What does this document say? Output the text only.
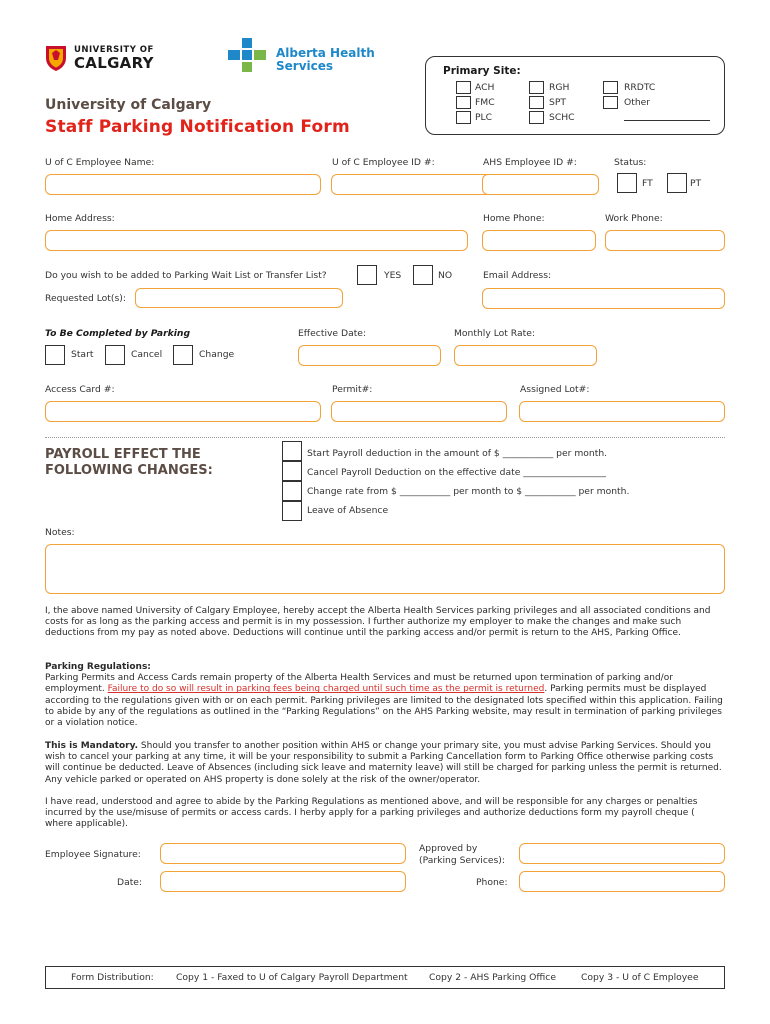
UNIVERSITY OF
CALGARY
Alberta Health
Services
University of Calgary
Staff Parking Notification Form
Primary Site:
ACH
FMC
PLC
RGH
SPT
SCHC
RRDTC
Other
U of C Employee Name:	U of C Employee ID #:	AHS Employee ID #:	Status:
FT	PT
Home Address:	Home Phone:	Work Phone:
Do you wish to be added to Parking Wait List or Transfer List?	YES	NO	Email Address:
Requested Lot(s):
To Be Completed by Parking	Effective Date:	Monthly Lot Rate:
Start	Cancel	Change
Access Card #:	Permit#:	Assigned Lot#:
PAYROLL EFFECT THE
FOLLOWING CHANGES:
Start Payroll deduction in the amount of $ ___________ per month.
Cancel Payroll Deduction on the effective date __________________
Change rate from $ ___________ per month to $ ___________ per month.
Leave of Absence
Notes:
I, the above named University of Calgary Employee, hereby accept the Alberta Health Services parking privileges and all associated conditions and costs for as long as the parking access and permit is in my possession. I further authorize my employer to make the changes and make such deductions from my pay as noted above. Deductions will continue until the parking access and/or permit is return to the AHS, Parking Office.
Parking Regulations:
Parking Permits and Access Cards remain property of the Alberta Health Services and must be returned upon termination of parking and/or employment. Failure to do so will result in parking fees being charged until such time as the permit is returned. Parking permits must be displayed according to the regulations given with or on each permit. Parking privileges are limited to the designated lots specified within this application. Failing to abide by any of the regulations as outlined in the “Parking Regulations” on the AHS Parking website, may result in termination of parking privileges or a violation notice.
This is Mandatory. Should you transfer to another position within AHS or change your primary site, you must advise Parking Services. Should you wish to cancel your parking at any time, it will be your responsibility to submit a Parking Cancellation form to Parking Office otherwise parking costs will continue be deducted. Leave of Absences (including sick leave and maternity leave) will still be charged for parking unless the permit is returned. Any vehicle parked or operated on AHS property is done solely at the risk of the owner/operator.
I have read, understood and agree to abide by the Parking Regulations as mentioned above, and will be responsible for any charges or penalties incurred by the use/misuse of permits or access cards. I herby apply for a parking privileges and authorize deductions form my payroll cheque ( where applicable).
Employee Signature:
Date:
Approved by
(Parking Services):
Phone:
Form Distribution: Copy 1 - Faxed to U of Calgary Payroll Department Copy 2 - AHS Parking Office	Copy 3 - U of C Employee
